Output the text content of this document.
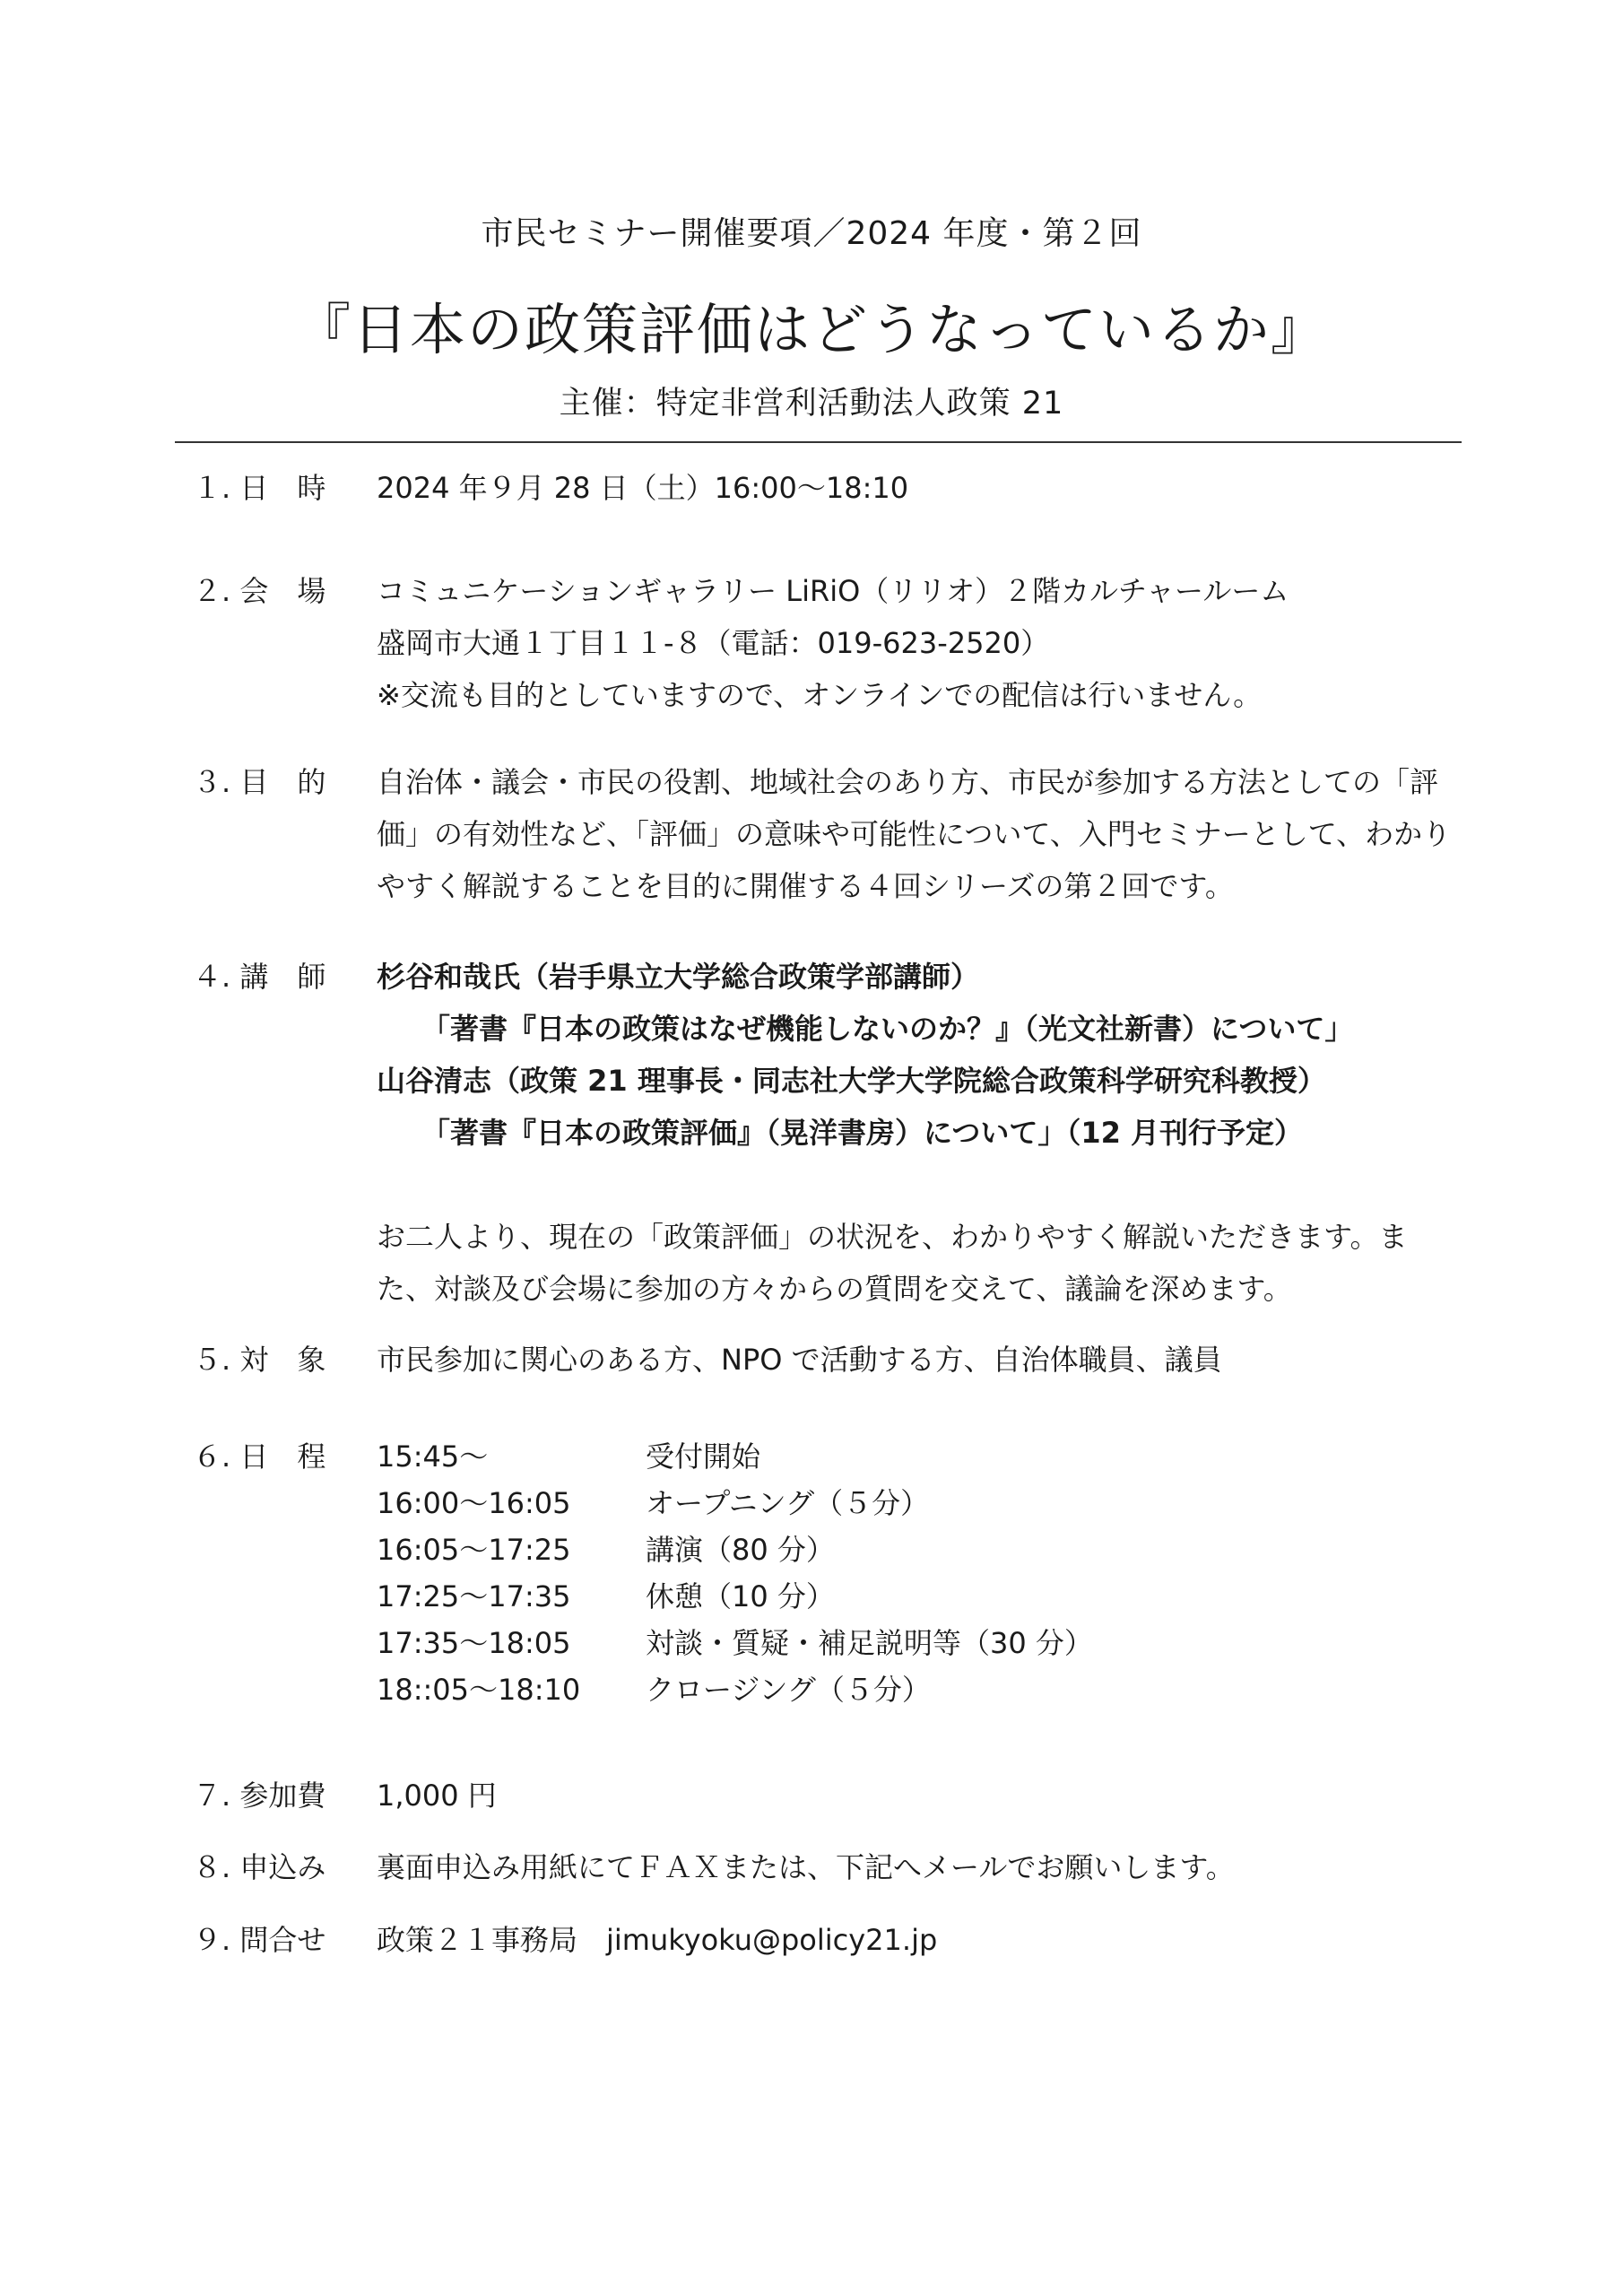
市民セミナー開催要項／2024 年度・第２回
『日本の政策評価はどうなっているか』
主催：特定非営利活動法人政策 21
１. 日　時	2024 年９月 28 日（土）16:00〜18:10
２. 会　場	コミュニケーションギャラリー LiRiO（リリオ）２階カルチャールーム
盛岡市大通１丁目１１-８（電話：019-623-2520）
※交流も目的としていますので、オンラインでの配信は行いません。
３. 目　的	自治体・議会・市民の役割、地域社会のあり方、市民が参加する方法としての「評
価」の有効性など、「評価」の意味や可能性について、入門セミナーとして、わかり
やすく解説することを目的に開催する４回シリーズの第２回です。
４. 講　師	杉谷和哉氏（岩手県立大学総合政策学部講師）
「著書『日本の政策はなぜ機能しないのか？』（光文社新書）について」
山谷清志（政策 21 理事長・同志社大学大学院総合政策科学研究科教授）
「著書『日本の政策評価』（晃洋書房）について」（12 月刊行予定）
お二人より、現在の「政策評価」の状況を、わかりやすく解説いただきます。ま
た、対談及び会場に参加の方々からの質問を交えて、議論を深めます。
５. 対　象	市民参加に関心のある方、NPO で活動する方、自治体職員、議員
６. 日　程	15:45〜	受付開始
16:00〜16:05	オープニング（５分）
16:05〜17:25	講演（80 分）
17:25〜17:35	休憩（10 分）
17:35〜18:05	対談・質疑・補足説明等（30 分）
18::05〜18:10	クロージング（５分）
７. 参加費	1,000 円
８. 申込み	裏面申込み用紙にてＦＡＸまたは、下記へメールでお願いします。
９. 問合せ	政策２１事務局　jimukyoku@policy21.jp
